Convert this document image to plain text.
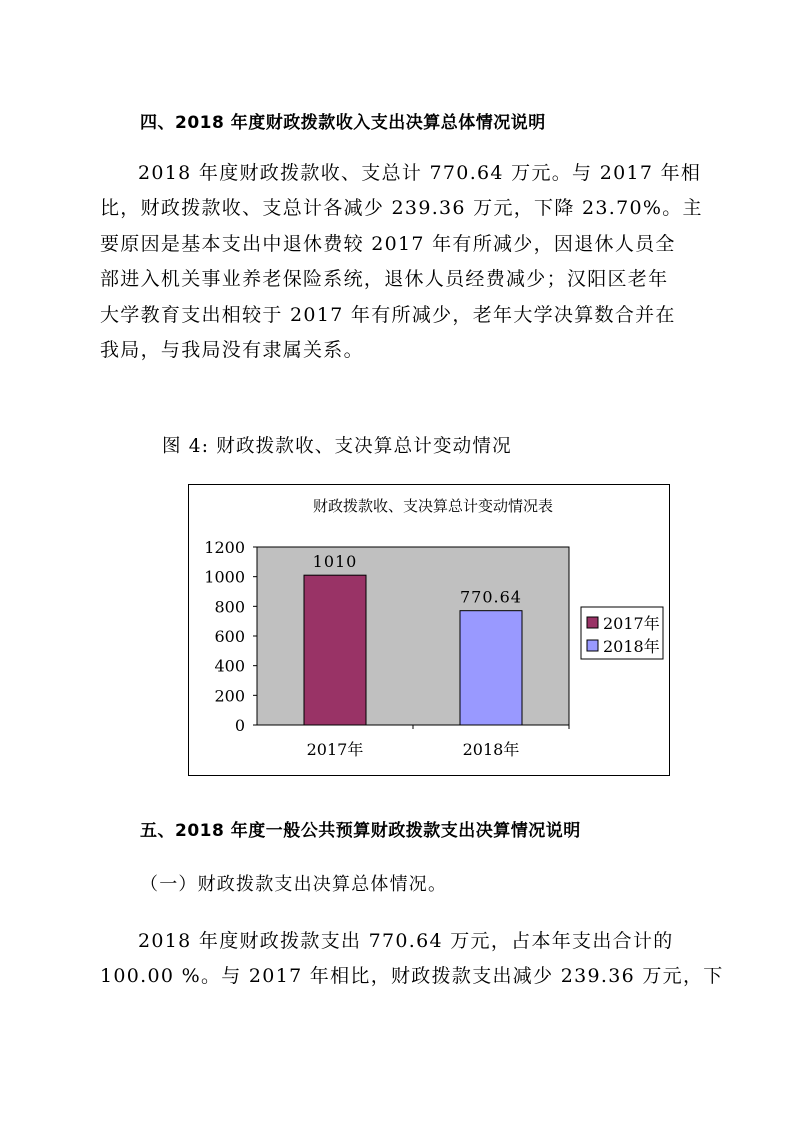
四、2018 年度财政拨款收入支出决算总体情况说明
2018 年度财政拨款收、支总计 770.64 万元。与 2017 年相
比，财政拨款收、支总计各减少 239.36 万元，下降 23.70%。主
要原因是基本支出中退休费较 2017 年有所减少，因退休人员全
部进入机关事业养老保险系统，退休人员经费减少；汉阳区老年
大学教育支出相较于 2017 年有所减少，老年大学决算数合并在
我局，与我局没有隶属关系。
图 4: 财政拨款收、支决算总计变动情况
财政拨款收、支决算总计变动情况表
0
200
400
600
800
1000
1200
1010
2017年
770.64
2018年
2017年
2018年
五、2018 年度一般公共预算财政拨款支出决算情况说明
（一）财政拨款支出决算总体情况。
2018 年度财政拨款支出 770.64 万元，占本年支出合计的
100.00 %。与 2017 年相比，财政拨款支出减少 239.36 万元，下
